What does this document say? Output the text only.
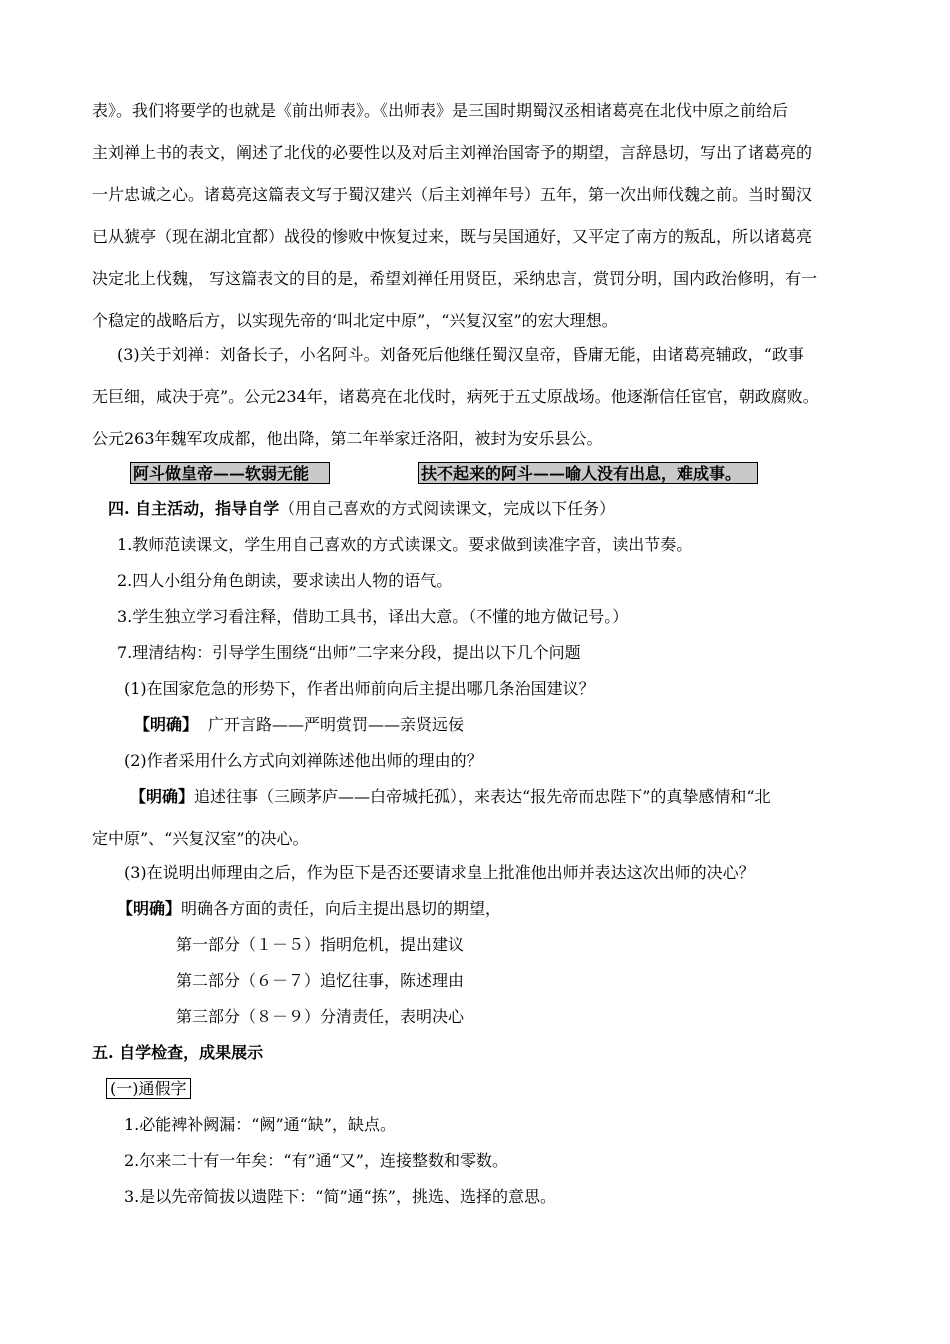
表》。我们将要学的也就是《前出师表》。《出师表》是三国时期蜀汉丞相诸葛亮在北伐中原之前给后
主刘禅上书的表文，阐述了北伐的必要性以及对后主刘禅治国寄予的期望，言辞恳切，写出了诸葛亮的
一片忠诚之心。诸葛亮这篇表文写于蜀汉建兴（后主刘禅年号）五年，第一次出师伐魏之前。当时蜀汉
已从猇亭（现在湖北宜都）战役的惨败中恢复过来，既与吴国通好，又平定了南方的叛乱，所以诸葛亮
决定北上伐魏， 写这篇表文的目的是，希望刘禅任用贤臣，采纳忠言，赏罚分明，国内政治修明，有一
个稳定的战略后方，以实现先帝的‘叫北定中原”，“兴复汉室”的宏大理想。
(3)关于刘禅：刘备长子，小名阿斗。刘备死后他继任蜀汉皇帝，昏庸无能，由诸葛亮辅政，“政事
无巨细，咸决于亮”。公元234年，诸葛亮在北伐时，病死于五丈原战场。他逐渐信任宦官，朝政腐败。
公元263年魏军攻成都，他出降，第二年举家迁洛阳，被封为安乐县公。
阿斗做皇帝——软弱无能	扶不起来的阿斗——喻人没有出息，难成事。
四. 自主活动，指导自学（用自己喜欢的方式阅读课文，完成以下任务）
1.教师范读课文，学生用自己喜欢的方式读课文。要求做到读准字音，读出节奏。
2.四人小组分角色朗读，要求读出人物的语气。
3.学生独立学习看注释，借助工具书，译出大意。（不懂的地方做记号。）
7.理清结构：引导学生围绕“出师”二字来分段，提出以下几个问题
(1)在国家危急的形势下，作者出师前向后主提出哪几条治国建议？
【明确】 广开言路——严明赏罚——亲贤远佞
(2)作者采用什么方式向刘禅陈述他出师的理由的？
【明确】追述往事（三顾茅庐——白帝城托孤），来表达“报先帝而忠陛下”的真挚感情和“北
定中原”、“兴复汉室”的决心。
(3)在说明出师理由之后，作为臣下是否还要请求皇上批准他出师并表达这次出师的决心？
【明确】明确各方面的责任，向后主提出恳切的期望，
第一部分（１－５）指明危机，提出建议
第二部分（６－７）追忆往事，陈述理由
第三部分（８－９）分清责任，表明决心
五. 自学检查，成果展示
(一)通假字
1.必能裨补阙漏：“阙”通“缺”，缺点。
2.尔来二十有一年矣：“有”通“又”，连接整数和零数。
3.是以先帝简拔以遗陛下：“简”通“拣”，挑选、选择的意思。
